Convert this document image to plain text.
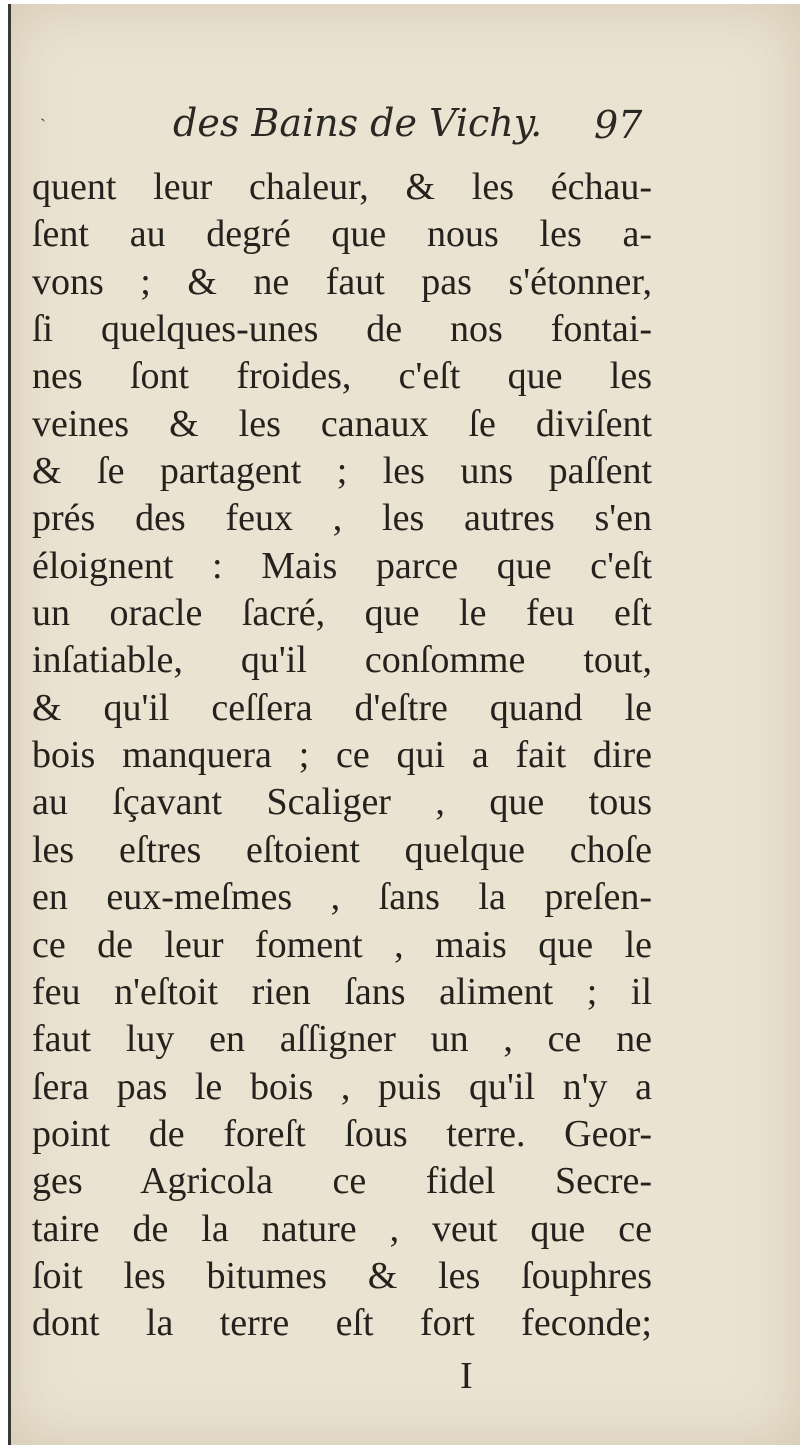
˴	des Bains de Vichy. 97
quent leur chaleur, & les échau-
ſent au degré que nous les a-
vons ; & ne faut pas s'étonner,
ſi quelques-unes de nos fontai-
nes ſont froides, c'eſt que les
veines & les canaux ſe diviſent
& ſe partagent ; les uns paſſent
prés des feux , les autres s'en
éloignent : Mais parce que c'eſt
un oracle ſacré, que le feu eſt
inſatiable, qu'il conſomme tout,
& qu'il ceſſera d'eſtre quand le
bois manquera ; ce qui a fait dire
au ſçavant Scaliger , que tous
les eſtres eſtoient quelque choſe
en eux-meſmes , ſans la preſen-
ce de leur foment , mais que le
feu n'eſtoit rien ſans aliment ; il
faut luy en aſſigner un , ce ne
ſera pas le bois , puis qu'il n'y a
point de foreſt ſous terre. Geor-
ges Agricola ce fidel Secre-
taire de la nature , veut que ce
ſoit les bitumes & les ſouphres
dont la terre eſt fort feconde;
I
